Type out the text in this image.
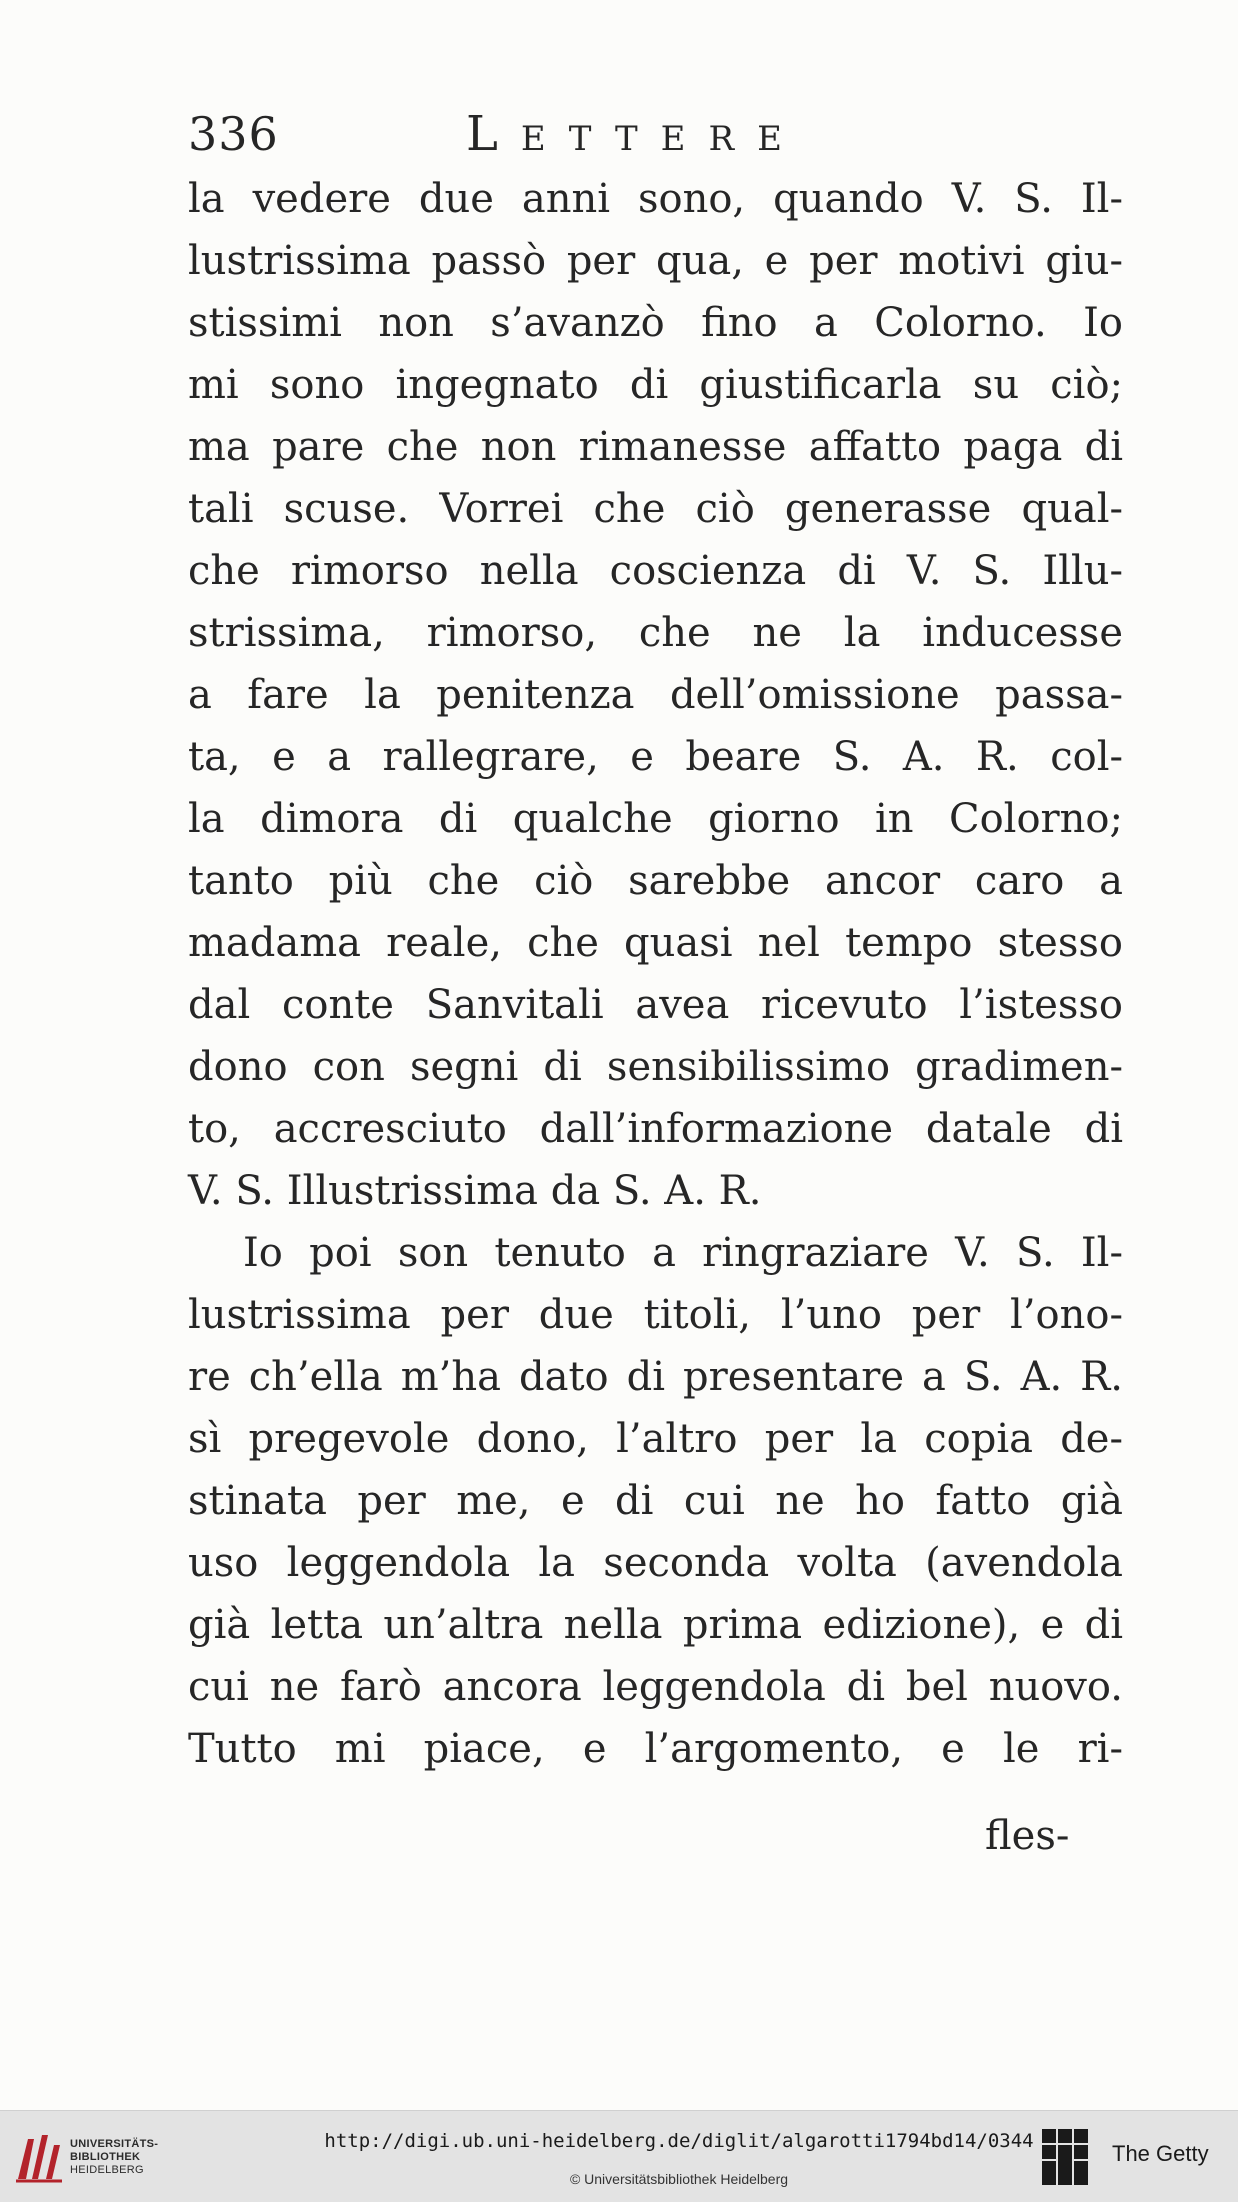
336	Lettere
la vedere due anni sono, quando V. S. Il-
lustrissima passò per qua, e per motivi giu-
stissimi non s’avanzò fino a Colorno. Io
mi sono ingegnato di giustificarla su ciò;
ma pare che non rimanesse affatto paga di
tali scuse. Vorrei che ciò generasse qual-
che rimorso nella coscienza di V. S. Illu-
strissima, rimorso, che ne la inducesse
a fare la penitenza dell’omissione passa-
ta, e a rallegrare, e beare S. A. R. col-
la dimora di qualche giorno in Colorno;
tanto più che ciò sarebbe ancor caro a
madama reale, che quasi nel tempo stesso
dal conte Sanvitali avea ricevuto l’istesso
dono con segni di sensibilissimo gradimen-
to, accresciuto dall’informazione datale di
V. S. Illustrissima da S. A. R.
Io poi son tenuto a ringraziare V. S. Il-
lustrissima per due titoli, l’uno per l’ono-
re ch’ella m’ha dato di presentare a S. A. R.
sì pregevole dono, l’altro per la copia de-
stinata per me, e di cui ne ho fatto già
uso leggendola la seconda volta (avendola
già letta un’altra nella prima edizione), e di
cui ne farò ancora leggendola di bel nuovo.
Tutto mi piace, e l’argomento, e le ri-
fles-
UNIVERSITÄTS-
BIBLIOTHEK
HEIDELBERG
http://digi.ub.uni-heidelberg.de/diglit/algarotti1794bd14/0344
© Universitätsbibliothek Heidelberg
The Getty
